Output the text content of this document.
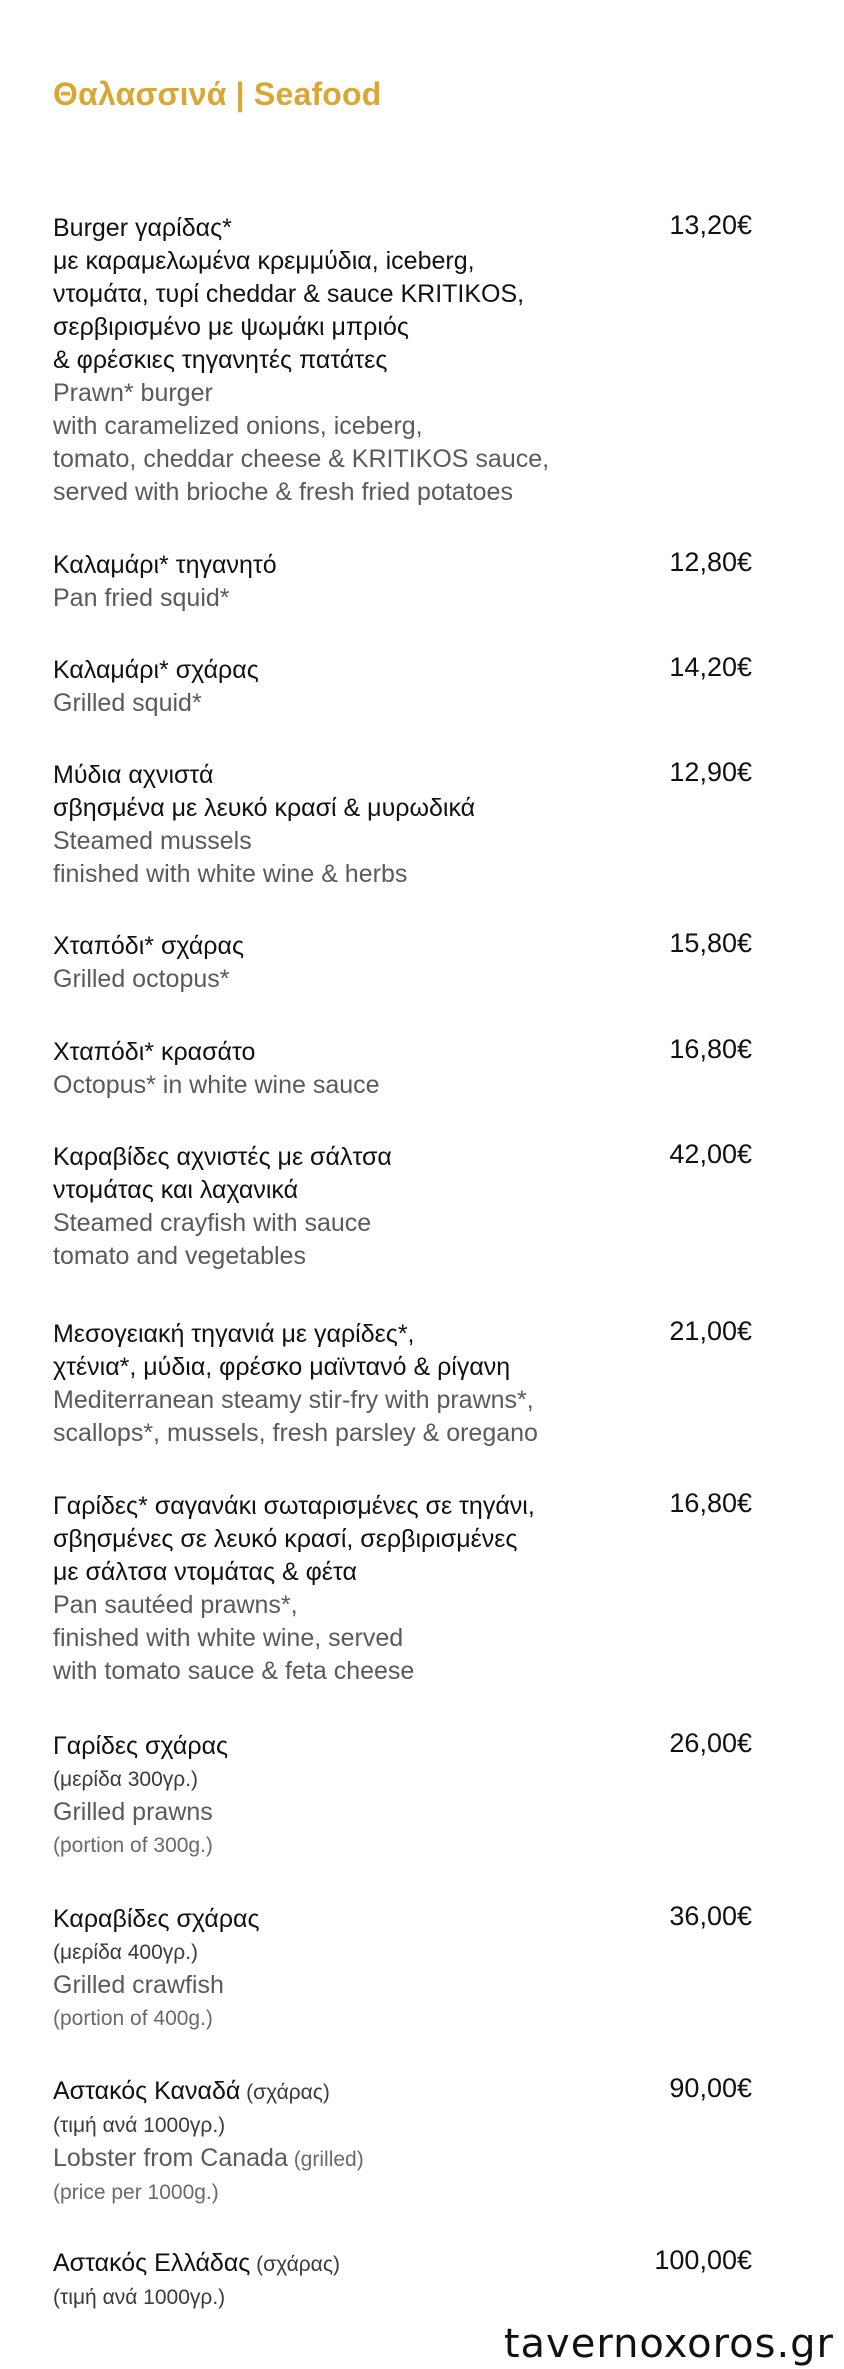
Θαλασσινά | Seafood
Burger γαρίδας*
με καραμελωμένα κρεμμύδια, iceberg,
ντομάτα, τυρί cheddar & sauce KRITIKOS,
σερβιρισμένο με ψωμάκι μπριός
& φρέσκιες τηγανητές πατάτες
Prawn* burger
with caramelized onions, iceberg,
tomato, cheddar cheese & KRITIKOS sauce,
served with brioche & fresh fried potatoes
13,20€
Καλαμάρι* τηγανητό
Pan fried squid*
12,80€
Καλαμάρι* σχάρας
Grilled squid*
14,20€
Μύδια αχνιστά
σβησμένα με λευκό κρασί & μυρωδικά
Steamed mussels
finished with white wine & herbs
12,90€
Χταπόδι* σχάρας
Grilled octopus*
15,80€
Χταπόδι* κρασάτο
Octopus* in white wine sauce
16,80€
Καραβίδες αχνιστές με σάλτσα
ντομάτας και λαχανικά
Steamed crayfish with sauce
tomato and vegetables
42,00€
Μεσογειακή τηγανιά με γαρίδες*,
χτένια*, μύδια, φρέσκο μαϊντανό & ρίγανη
Mediterranean steamy stir-fry with prawns*,
scallops*, mussels, fresh parsley & oregano
21,00€
Γαρίδες* σαγανάκι σωταρισμένες σε τηγάνι,
σβησμένες σε λευκό κρασί, σερβιρισμένες
με σάλτσα ντομάτας & φέτα
Pan sautéed prawns*,
finished with white wine, served
with tomato sauce & feta cheese
16,80€
Γαρίδες σχάρας
(μερίδα 300γρ.)
Grilled prawns
(portion of 300g.)
26,00€
Καραβίδες σχάρας
(μερίδα 400γρ.)
Grilled crawfish
(portion of 400g.)
36,00€
Αστακός Καναδά (σχάρας)
(τιμή ανά 1000γρ.)
Lobster from Canada (grilled)
(price per 1000g.)
90,00€
Αστακός Ελλάδας (σχάρας)
(τιμή ανά 1000γρ.)
100,00€
tavernoxoros.gr
